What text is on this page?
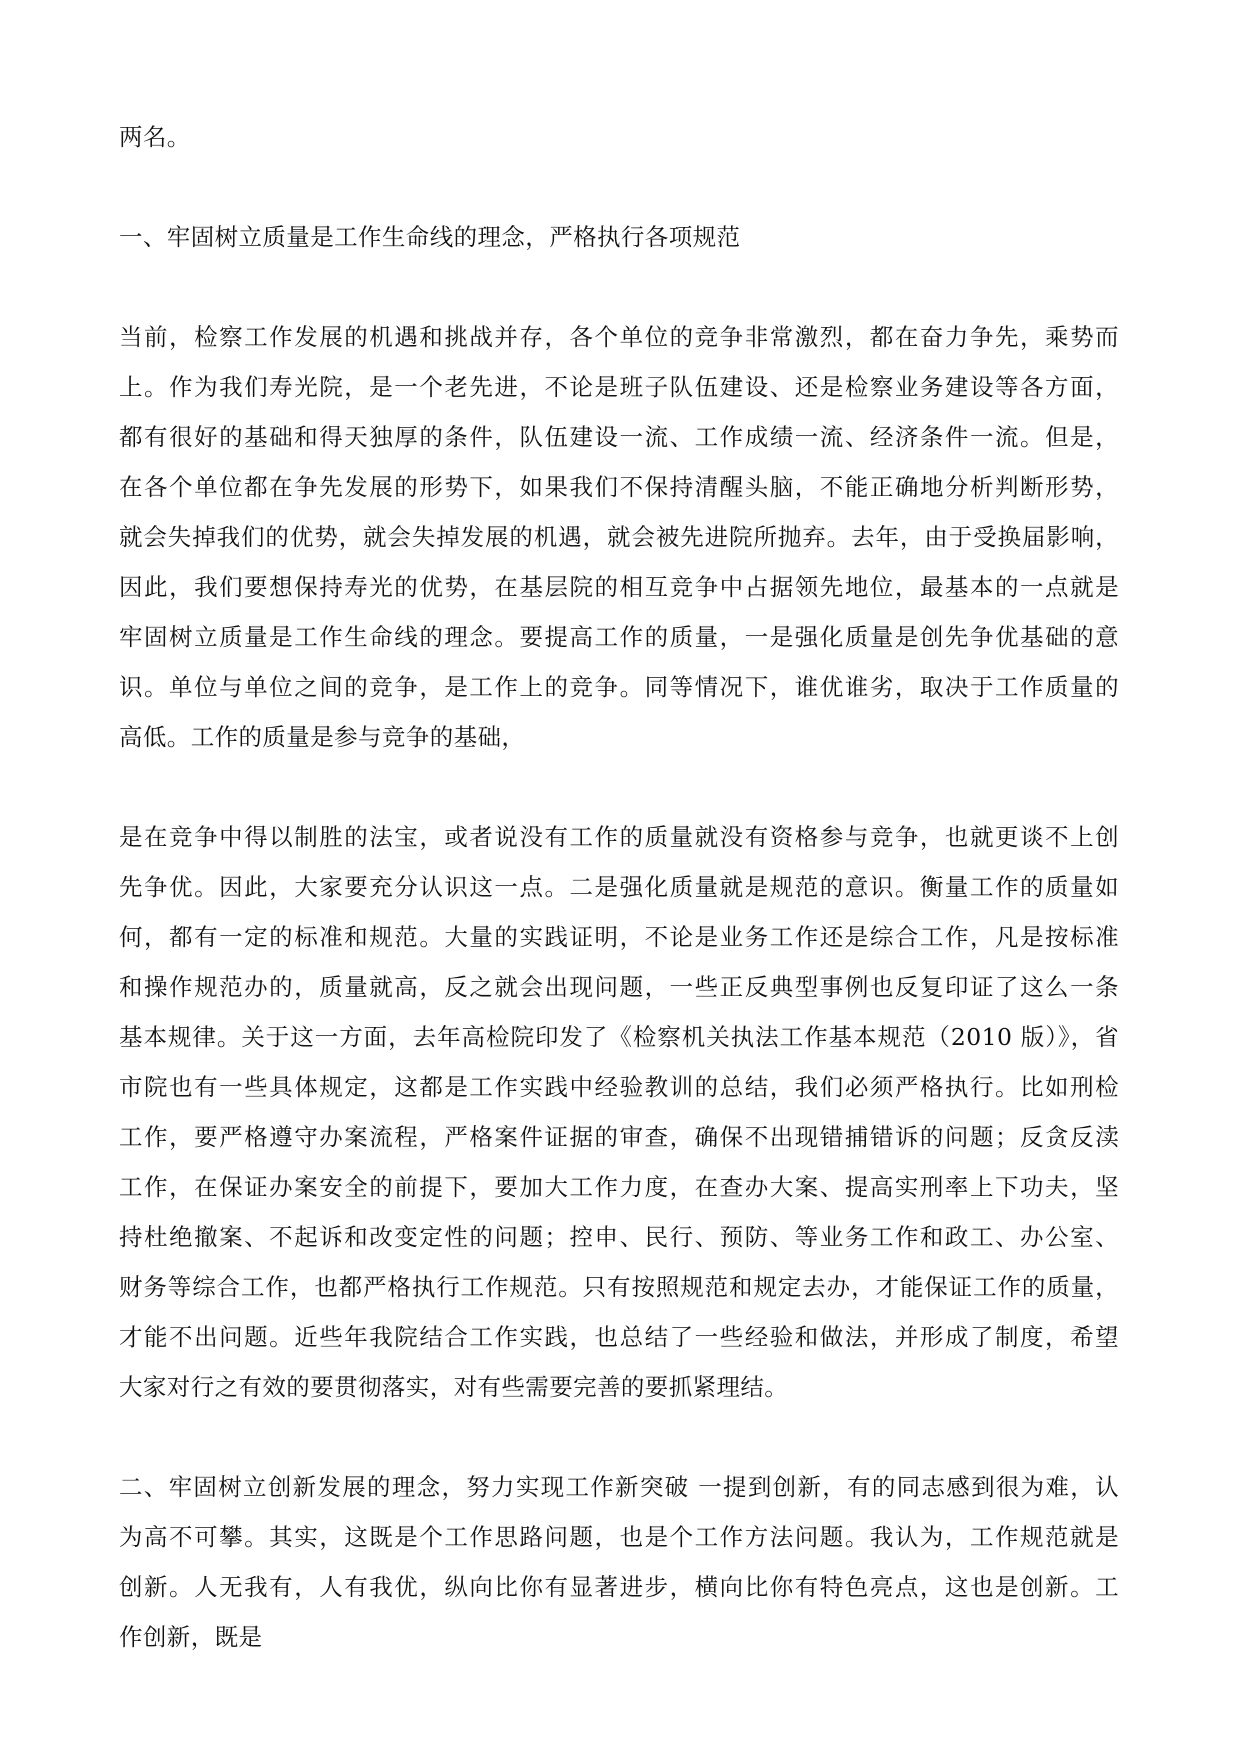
两名。
一、牢固树立质量是工作生命线的理念，严格执行各项规范
当前，检察工作发展的机遇和挑战并存，各个单位的竞争非常激烈，都在奋力争先，乘势而
上。作为我们寿光院，是一个老先进，不论是班子队伍建设、还是检察业务建设等各方面，
都有很好的基础和得天独厚的条件，队伍建设一流、工作成绩一流、经济条件一流。但是，
在各个单位都在争先发展的形势下，如果我们不保持清醒头脑，不能正确地分析判断形势，
就会失掉我们的优势，就会失掉发展的机遇，就会被先进院所抛弃。去年，由于受换届影响，
因此，我们要想保持寿光的优势，在基层院的相互竞争中占据领先地位，最基本的一点就是
牢固树立质量是工作生命线的理念。要提高工作的质量，一是强化质量是创先争优基础的意
识。单位与单位之间的竞争，是工作上的竞争。同等情况下，谁优谁劣，取决于工作质量的
高低。工作的质量是参与竞争的基础，
是在竞争中得以制胜的法宝，或者说没有工作的质量就没有资格参与竞争，也就更谈不上创
先争优。因此，大家要充分认识这一点。二是强化质量就是规范的意识。衡量工作的质量如
何，都有一定的标准和规范。大量的实践证明，不论是业务工作还是综合工作，凡是按标准
和操作规范办的，质量就高，反之就会出现问题，一些正反典型事例也反复印证了这么一条
基本规律。关于这一方面，去年高检院印发了《检察机关执法工作基本规范（2010 版）》，省
市院也有一些具体规定，这都是工作实践中经验教训的总结，我们必须严格执行。比如刑检
工作，要严格遵守办案流程，严格案件证据的审查，确保不出现错捕错诉的问题；反贪反渎
工作，在保证办案安全的前提下，要加大工作力度，在查办大案、提高实刑率上下功夫，坚
持杜绝撤案、不起诉和改变定性的问题；控申、民行、预防、等业务工作和政工、办公室、
财务等综合工作，也都严格执行工作规范。只有按照规范和规定去办，才能保证工作的质量，
才能不出问题。近些年我院结合工作实践，也总结了一些经验和做法，并形成了制度，希望
大家对行之有效的要贯彻落实，对有些需要完善的要抓紧理结。
二、牢固树立创新发展的理念，努力实现工作新突破 一提到创新，有的同志感到很为难，认
为高不可攀。其实，这既是个工作思路问题，也是个工作方法问题。我认为，工作规范就是
创新。人无我有，人有我优，纵向比你有显著进步，横向比你有特色亮点，这也是创新。工
作创新，既是
